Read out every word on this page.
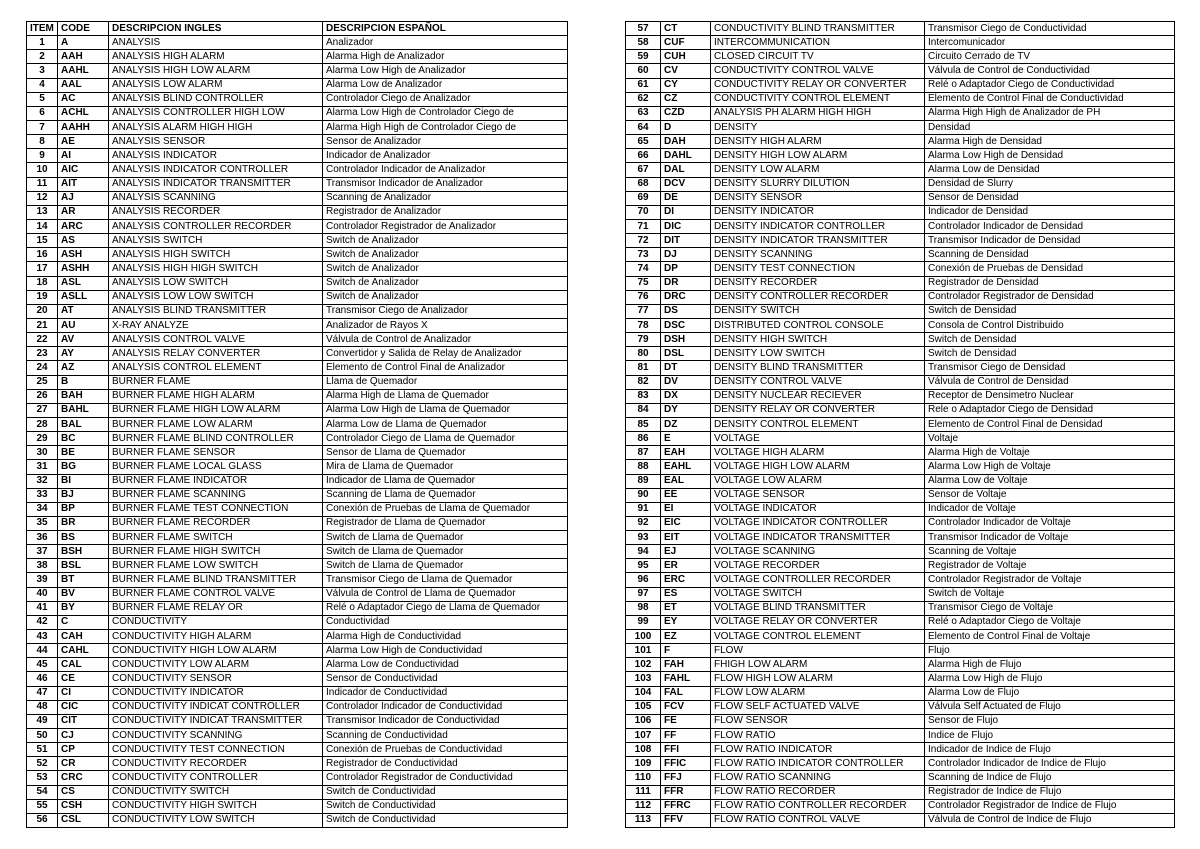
ITEM	CODE	DESCRIPCION INGLES	DESCRIPCION ESPAÑOL
1	A	ANALYSIS	Analizador
2	AAH	ANALYSIS HIGH ALARM	Alarma High de Analizador
3	AAHL	ANALYSIS HIGH LOW ALARM	Alarma Low High de Analizador
4	AAL	ANALYSIS LOW ALARM	Alarma Low de Analizador
5	AC	ANALYSIS BLIND CONTROLLER	Controlador Ciego de Analizador
6	ACHL	ANALYSIS CONTROLLER HIGH LOW	Alarma Low High de Controlador Ciego de
7	AAHH	ANALYSIS ALARM HIGH HIGH	Alarma High High de Controlador Ciego de
8	AE	ANALYSIS SENSOR	Sensor de Analizador
9	AI	ANALYSIS INDICATOR	Indicador de Analizador
10	AIC	ANALYSIS INDICATOR CONTROLLER	Controlador Indicador de Analizador
11	AIT	ANALYSIS INDICATOR TRANSMITTER	Transmisor Indicador de Analizador
12	AJ	ANALYSIS SCANNING	Scanning de Analizador
13	AR	ANALYSIS RECORDER	Registrador de Analizador
14	ARC	ANALYSIS CONTROLLER RECORDER	Controlador Registrador de Analizador
15	AS	ANALYSIS SWITCH	Switch de Analizador
16	ASH	ANALYSIS HIGH SWITCH	Switch de Analizador
17	ASHH	ANALYSIS HIGH HIGH SWITCH	Switch de Analizador
18	ASL	ANALYSIS LOW SWITCH	Switch de Analizador
19	ASLL	ANALYSIS LOW LOW SWITCH	Switch de Analizador
20	AT	ANALYSIS BLIND TRANSMITTER	Transmisor Ciego de Analizador
21	AU	X-RAY ANALYZE	Analizador de Rayos X
22	AV	ANALYSIS CONTROL VALVE	Válvula de Control de Analizador
23	AY	ANALYSIS RELAY CONVERTER	Convertidor y Salida de Relay de Analizador
24	AZ	ANALYSIS CONTROL ELEMENT	Elemento de Control Final de Analizador
25	B	BURNER FLAME	Llama de Quemador
26	BAH	BURNER FLAME HIGH ALARM	Alarma High de Llama de Quemador
27	BAHL	BURNER FLAME HIGH LOW ALARM	Alarma Low High de Llama de Quemador
28	BAL	BURNER FLAME LOW ALARM	Alarma Low de Llama de Quemador
29	BC	BURNER FLAME BLIND CONTROLLER	Controlador Ciego de Llama de Quemador
30	BE	BURNER FLAME SENSOR	Sensor de Llama de Quemador
31	BG	BURNER FLAME LOCAL GLASS	Mira de Llama de Quemador
32	BI	BURNER FLAME INDICATOR	Indicador de Llama de Quemador
33	BJ	BURNER FLAME SCANNING	Scanning de Llama de Quemador
34	BP	BURNER FLAME TEST CONNECTION	Conexión de Pruebas de Llama de Quemador
35	BR	BURNER FLAME RECORDER	Registrador de Llama de Quemador
36	BS	BURNER FLAME SWITCH	Switch de Llama de Quemador
37	BSH	BURNER FLAME HIGH SWITCH	Switch de Llama de Quemador
38	BSL	BURNER FLAME LOW SWITCH	Switch de Llama de Quemador
39	BT	BURNER FLAME BLIND TRANSMITTER	Transmisor Ciego de Llama de Quemador
40	BV	BURNER FLAME CONTROL VALVE	Válvula de Control de Llama de Quemador
41	BY	BURNER FLAME RELAY OR	Relé o Adaptador Ciego de Llama de Quemador
42	C	CONDUCTIVITY	Conductividad
43	CAH	CONDUCTIVITY HIGH ALARM	Alarma High de Conductividad
44	CAHL	CONDUCTIVITY HIGH LOW ALARM	Alarma Low High de Conductividad
45	CAL	CONDUCTIVITY LOW ALARM	Alarma Low de Conductividad
46	CE	CONDUCTIVITY SENSOR	Sensor de Conductividad
47	CI	CONDUCTIVITY INDICATOR	Indicador de Conductividad
48	CIC	CONDUCTIVITY INDICAT CONTROLLER	Controlador Indicador de Conductividad
49	CIT	CONDUCTIVITY INDICAT TRANSMITTER	Transmisor Indicador de Conductividad
50	CJ	CONDUCTIVITY SCANNING	Scanning de Conductividad
51	CP	CONDUCTIVITY TEST CONNECTION	Conexión de Pruebas de Conductividad
52	CR	CONDUCTIVITY RECORDER	Registrador de Conductividad
53	CRC	CONDUCTIVITY CONTROLLER	Controlador Registrador de Conductividad
54	CS	CONDUCTIVITY SWITCH	Switch de Conductividad
55	CSH	CONDUCTIVITY HIGH SWITCH	Switch de Conductividad
56	CSL	CONDUCTIVITY LOW SWITCH	Switch de Conductividad
57	CT	CONDUCTIVITY BLIND TRANSMITTER	Transmisor Ciego de Conductividad
58	CUF	INTERCOMMUNICATION	Intercomunicador
59	CUH	CLOSED CIRCUIT TV	Circuito Cerrado de TV
60	CV	CONDUCTIVITY CONTROL VALVE	Válvula de Control de Conductividad
61	CY	CONDUCTIVITY RELAY OR CONVERTER	Relé o Adaptador Ciego de Conductividad
62	CZ	CONDUCTIVITY CONTROL ELEMENT	Elemento de Control Final de Conductividad
63	CZD	ANALYSIS PH ALARM HIGH HIGH	Alarma High High de Analizador de PH
64	D	DENSITY	Densidad
65	DAH	DENSITY HIGH ALARM	Alarma High de Densidad
66	DAHL	DENSITY HIGH LOW ALARM	Alarma Low High de Densidad
67	DAL	DENSITY LOW ALARM	Alarma Low de Densidad
68	DCV	DENSITY SLURRY DILUTION	Densidad de Slurry
69	DE	DENSITY SENSOR	Sensor de Densidad
70	DI	DENSITY INDICATOR	Indicador de Densidad
71	DIC	DENSITY INDICATOR CONTROLLER	Controlador Indicador de Densidad
72	DIT	DENSITY INDICATOR TRANSMITTER	Transmisor Indicador de Densidad
73	DJ	DENSITY SCANNING	Scanning de Densidad
74	DP	DENSITY TEST CONNECTION	Conexión de Pruebas de Densidad
75	DR	DENSITY RECORDER	Registrador de Densidad
76	DRC	DENSITY CONTROLLER RECORDER	Controlador Registrador de Densidad
77	DS	DENSITY SWITCH	Switch de Densidad
78	DSC	DISTRIBUTED CONTROL CONSOLE	Consola de Control Distribuido
79	DSH	DENSITY HIGH SWITCH	Switch de Densidad
80	DSL	DENSITY LOW SWITCH	Switch de Densidad
81	DT	DENSITY BLIND TRANSMITTER	Transmisor Ciego de Densidad
82	DV	DENSITY CONTROL VALVE	Válvula de Control de Densidad
83	DX	DENSITY NUCLEAR RECIEVER	Receptor de Densimetro Nuclear
84	DY	DENSITY RELAY OR CONVERTER	Rele o Adaptador Ciego de Densidad
85	DZ	DENSITY CONTROL ELEMENT	Elemento de Control Final de Densidad
86	E	VOLTAGE	Voltaje
87	EAH	VOLTAGE HIGH ALARM	Alarma High de Voltaje
88	EAHL	VOLTAGE HIGH LOW ALARM	Alarma Low High de Voltaje
89	EAL	VOLTAGE LOW ALARM	Alarma Low de Voltaje
90	EE	VOLTAGE SENSOR	Sensor de Voltaje
91	EI	VOLTAGE INDICATOR	Indicador de Voltaje
92	EIC	VOLTAGE INDICATOR CONTROLLER	Controlador Indicador de Voltaje
93	EIT	VOLTAGE INDICATOR TRANSMITTER	Transmisor Indicador de Voltaje
94	EJ	VOLTAGE SCANNING	Scanning de Voltaje
95	ER	VOLTAGE RECORDER	Registrador de Voltaje
96	ERC	VOLTAGE CONTROLLER RECORDER	Controlador Registrador de Voltaje
97	ES	VOLTAGE SWITCH	Switch de Voltaje
98	ET	VOLTAGE BLIND TRANSMITTER	Transmisor Ciego de Voltaje
99	EY	VOLTAGE RELAY OR CONVERTER	Relé o Adaptador Ciego de Voltaje
100	EZ	VOLTAGE CONTROL ELEMENT	Elemento de Control Final de Voltaje
101	F	FLOW	Flujo
102	FAH	FHIGH LOW ALARM	Alarma High de Flujo
103	FAHL	FLOW HIGH LOW ALARM	Alarma Low High de Flujo
104	FAL	FLOW LOW ALARM	Alarma Low de Flujo
105	FCV	FLOW SELF ACTUATED VALVE	Válvula Self Actuated de Flujo
106	FE	FLOW SENSOR	Sensor de Flujo
107	FF	FLOW RATIO	Indice de Flujo
108	FFI	FLOW RATIO INDICATOR	Indicador de Indice de Flujo
109	FFIC	FLOW RATIO INDICATOR CONTROLLER	Controlador Indicador de Indice de Flujo
110	FFJ	FLOW RATIO SCANNING	Scanning de Indice de Flujo
111	FFR	FLOW RATIO RECORDER	Registrador de Indice de Flujo
112	FFRC	FLOW RATIO CONTROLLER RECORDER	Controlador Registrador de Indice de Flujo
113	FFV	FLOW RATIO CONTROL VALVE	Válvula de Control de Indice de Flujo
